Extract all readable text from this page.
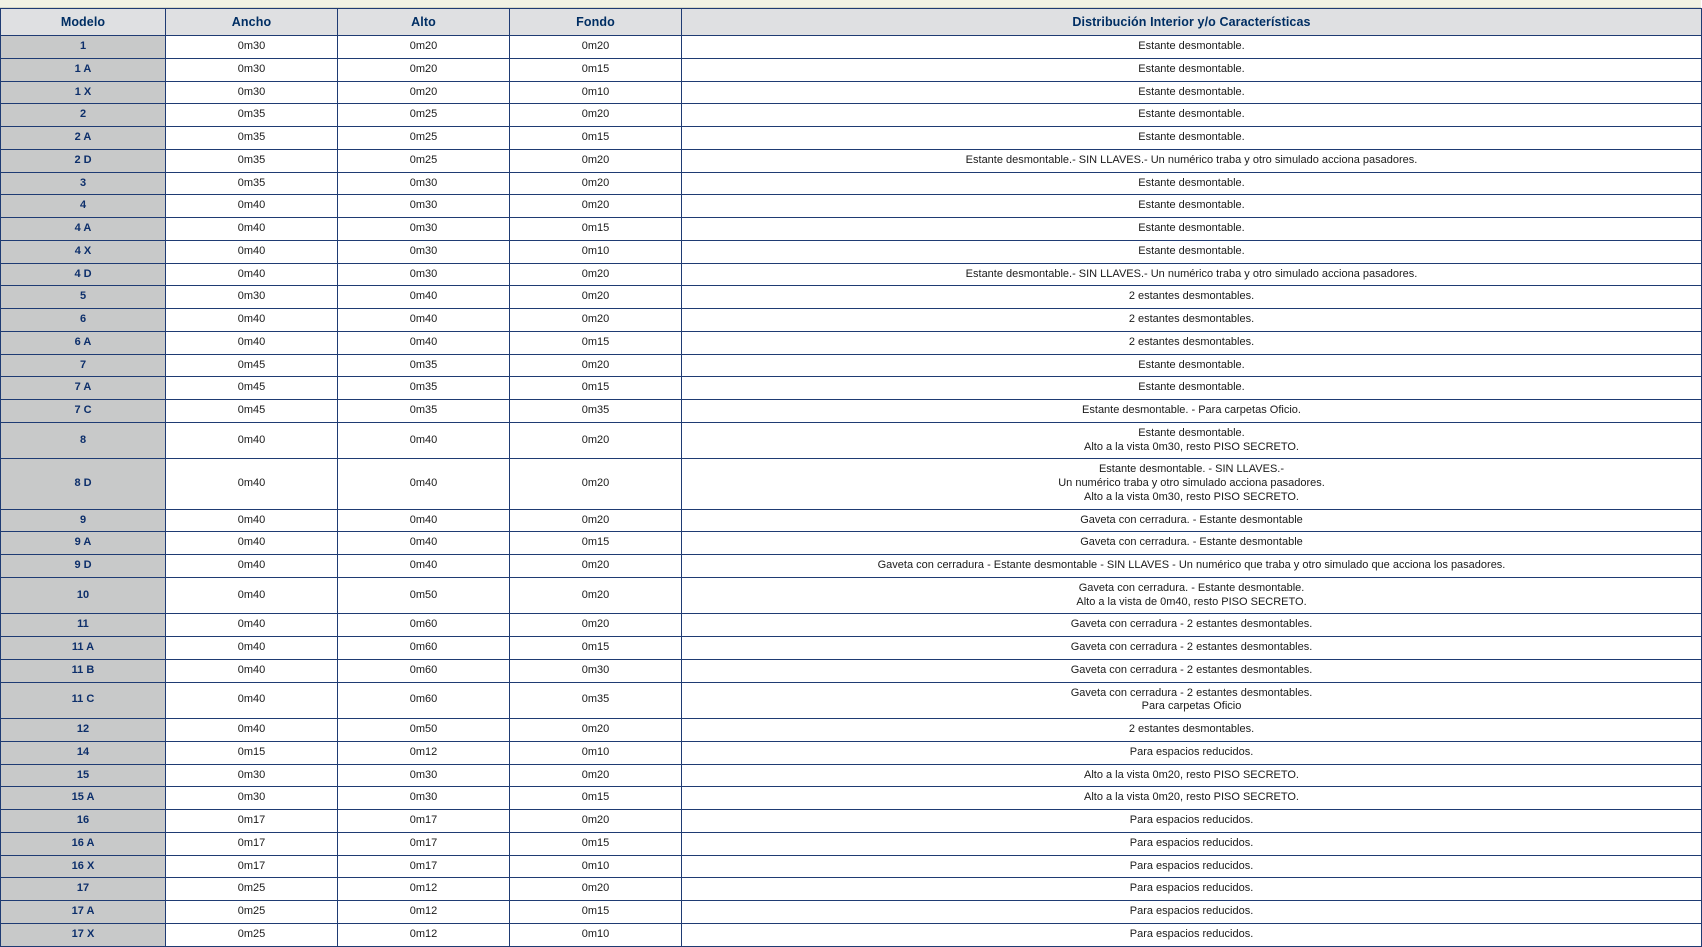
Modelo	Ancho	Alto	Fondo	Distribución Interior y/o Características
1	0m30	0m20	0m20	Estante desmontable.

1 A	0m30	0m20	0m15	Estante desmontable.

1 X	0m30	0m20	0m10	Estante desmontable.

2	0m35	0m25	0m20	Estante desmontable.

2 A	0m35	0m25	0m15	Estante desmontable.

2 D	0m35	0m25	0m20	Estante desmontable.- SIN LLAVES.- Un numérico traba y otro simulado acciona pasadores.

3	0m35	0m30	0m20	Estante desmontable.

4	0m40	0m30	0m20	Estante desmontable.

4 A	0m40	0m30	0m15	Estante desmontable.

4 X	0m40	0m30	0m10	Estante desmontable.

4 D	0m40	0m30	0m20	Estante desmontable.- SIN LLAVES.- Un numérico traba y otro simulado acciona pasadores.

5	0m30	0m40	0m20	2 estantes desmontables.

6	0m40	0m40	0m20	2 estantes desmontables.

6 A	0m40	0m40	0m15	2 estantes desmontables.

7	0m45	0m35	0m20	Estante desmontable.

7 A	0m45	0m35	0m15	Estante desmontable.

7 C	0m45	0m35	0m35	Estante desmontable. - Para carpetas Oficio.

8	0m40	0m40	0m20	Estante desmontable.
Alto a la vista 0m30, resto PISO SECRETO.

8 D	0m40	0m40	0m20	Estante desmontable. - SIN LLAVES.-
Un numérico traba y otro simulado acciona pasadores.
Alto a la vista 0m30, resto PISO SECRETO.

9	0m40	0m40	0m20	Gaveta con cerradura. - Estante desmontable

9 A	0m40	0m40	0m15	Gaveta con cerradura. - Estante desmontable

9 D	0m40	0m40	0m20	Gaveta con cerradura - Estante desmontable - SIN LLAVES - Un numérico que traba y otro simulado que acciona los pasadores.

10	0m40	0m50	0m20	Gaveta con cerradura. - Estante desmontable.
Alto a la vista de 0m40, resto PISO SECRETO.

11	0m40	0m60	0m20	Gaveta con cerradura - 2 estantes desmontables.

11 A	0m40	0m60	0m15	Gaveta con cerradura - 2 estantes desmontables.

11 B	0m40	0m60	0m30	Gaveta con cerradura - 2 estantes desmontables.

11 C	0m40	0m60	0m35	Gaveta con cerradura - 2 estantes desmontables.
Para carpetas Oficio

12	0m40	0m50	0m20	2 estantes desmontables.

14	0m15	0m12	0m10	Para espacios reducidos.

15	0m30	0m30	0m20	Alto a la vista 0m20, resto PISO SECRETO.

15 A	0m30	0m30	0m15	Alto a la vista 0m20, resto PISO SECRETO.

16	0m17	0m17	0m20	Para espacios reducidos.

16 A	0m17	0m17	0m15	Para espacios reducidos.

16 X	0m17	0m17	0m10	Para espacios reducidos.

17	0m25	0m12	0m20	Para espacios reducidos.

17 A	0m25	0m12	0m15	Para espacios reducidos.

17 X	0m25	0m12	0m10	Para espacios reducidos.
